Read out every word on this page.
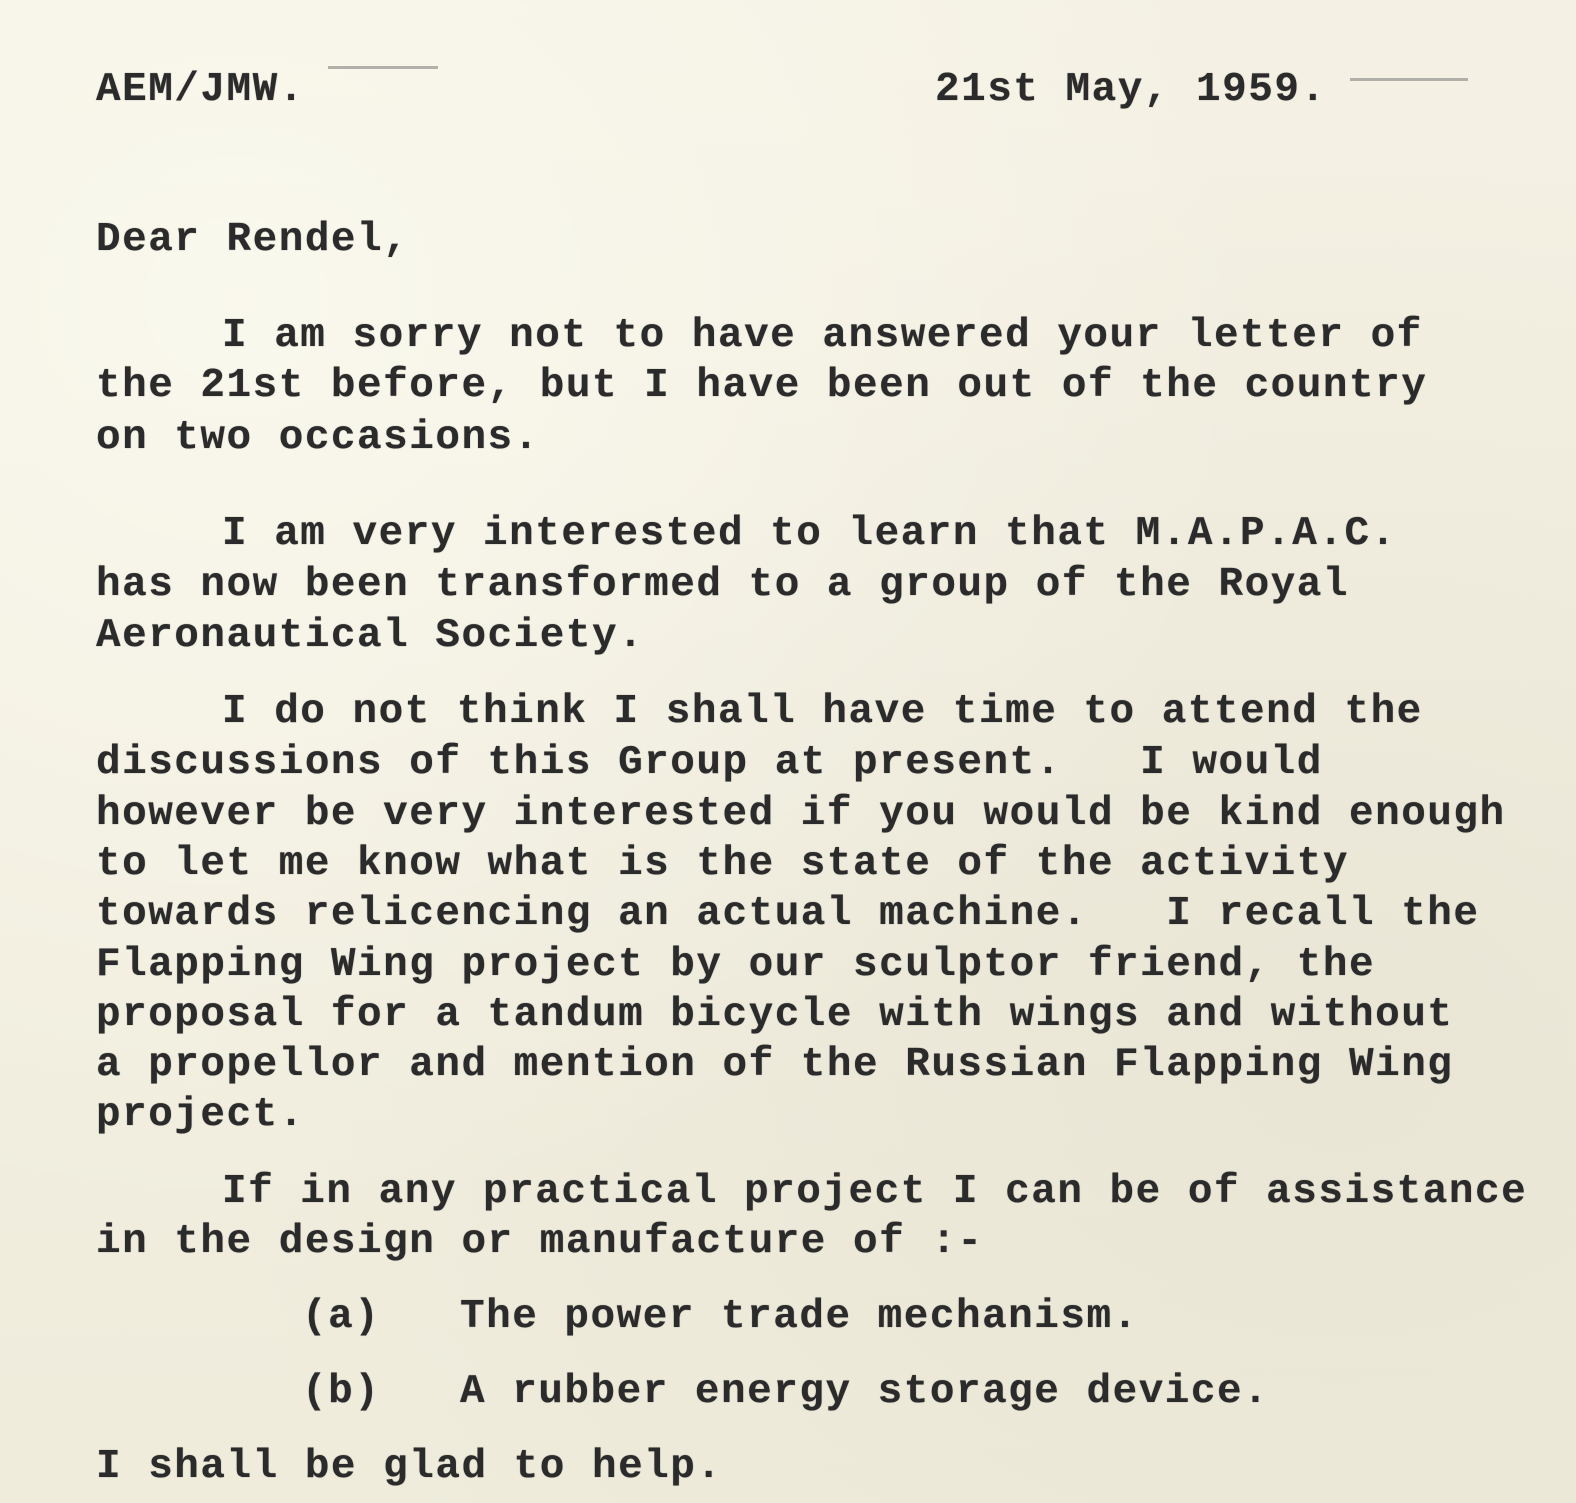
AEM/JMW.	21st May, 1959.
Dear Rendel,
I am sorry not to have answered your letter of
the 21st before, but I have been out of the country
on two occasions.
I am very interested to learn that M.A.P.A.C.
has now been transformed to a group of the Royal
Aeronautical Society.
I do not think I shall have time to attend the
discussions of this Group at present.   I would
however be very interested if you would be kind enough
to let me know what is the state of the activity
towards relicencing an actual machine.   I recall the
Flapping Wing project by our sculptor friend, the
proposal for a tandum bicycle with wings and without
a propellor and mention of the Russian Flapping Wing
project.
If in any practical project I can be of assistance
in the design or manufacture of :-
(a) The power trade mechanism.
(b) A rubber energy storage device.
I shall be glad to help.
